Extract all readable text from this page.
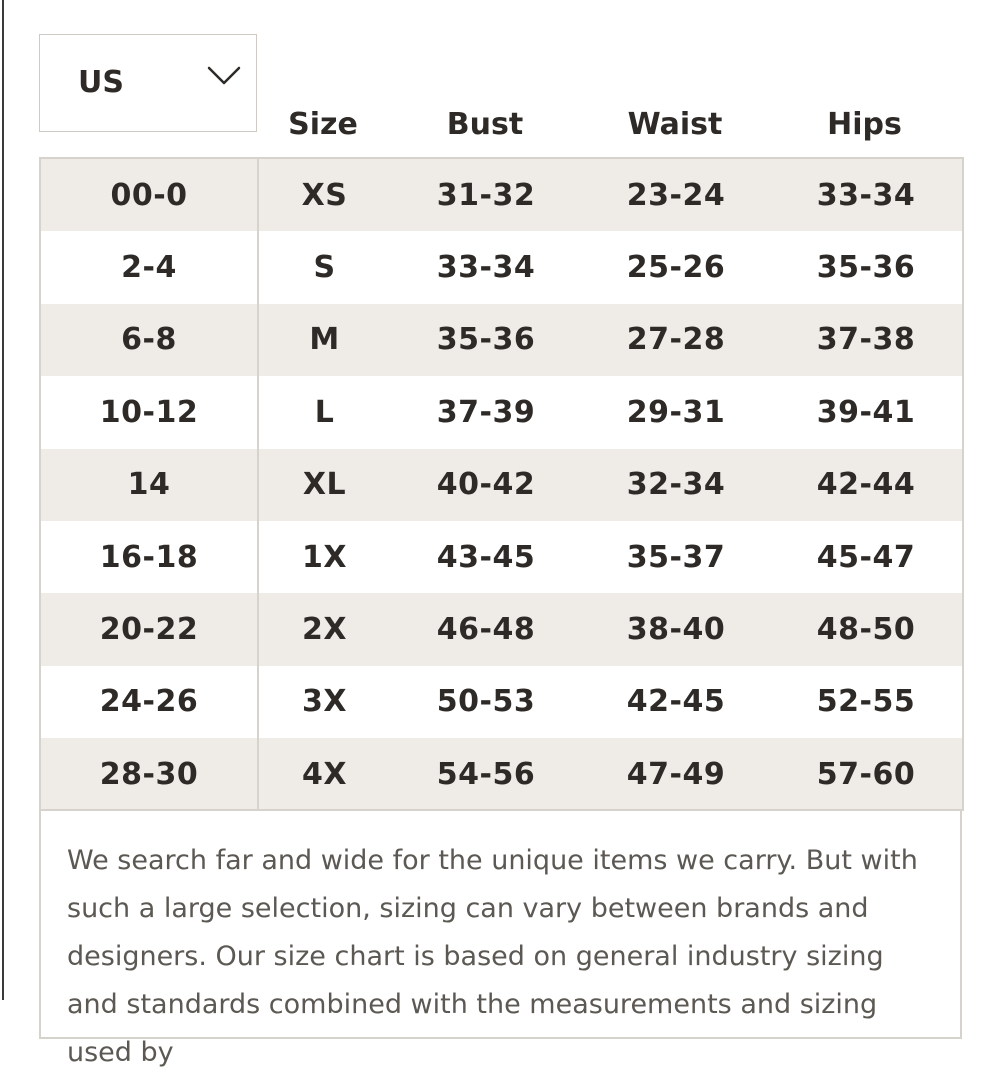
US
Size	Bust	Waist	Hips
00-0	XS	31-32	23-24	33-34
2-4	S	33-34	25-26	35-36
6-8	M	35-36	27-28	37-38
10-12	L	37-39	29-31	39-41
14	XL	40-42	32-34	42-44
16-18	1X	43-45	35-37	45-47
20-22	2X	46-48	38-40	48-50
24-26	3X	50-53	42-45	52-55
28-30	4X	54-56	47-49	57-60

We search far and wide for the unique items we carry. But with such a large selection, sizing can vary between brands and designers. Our size chart is based on general industry sizing and standards combined with the measurements and sizing used by
